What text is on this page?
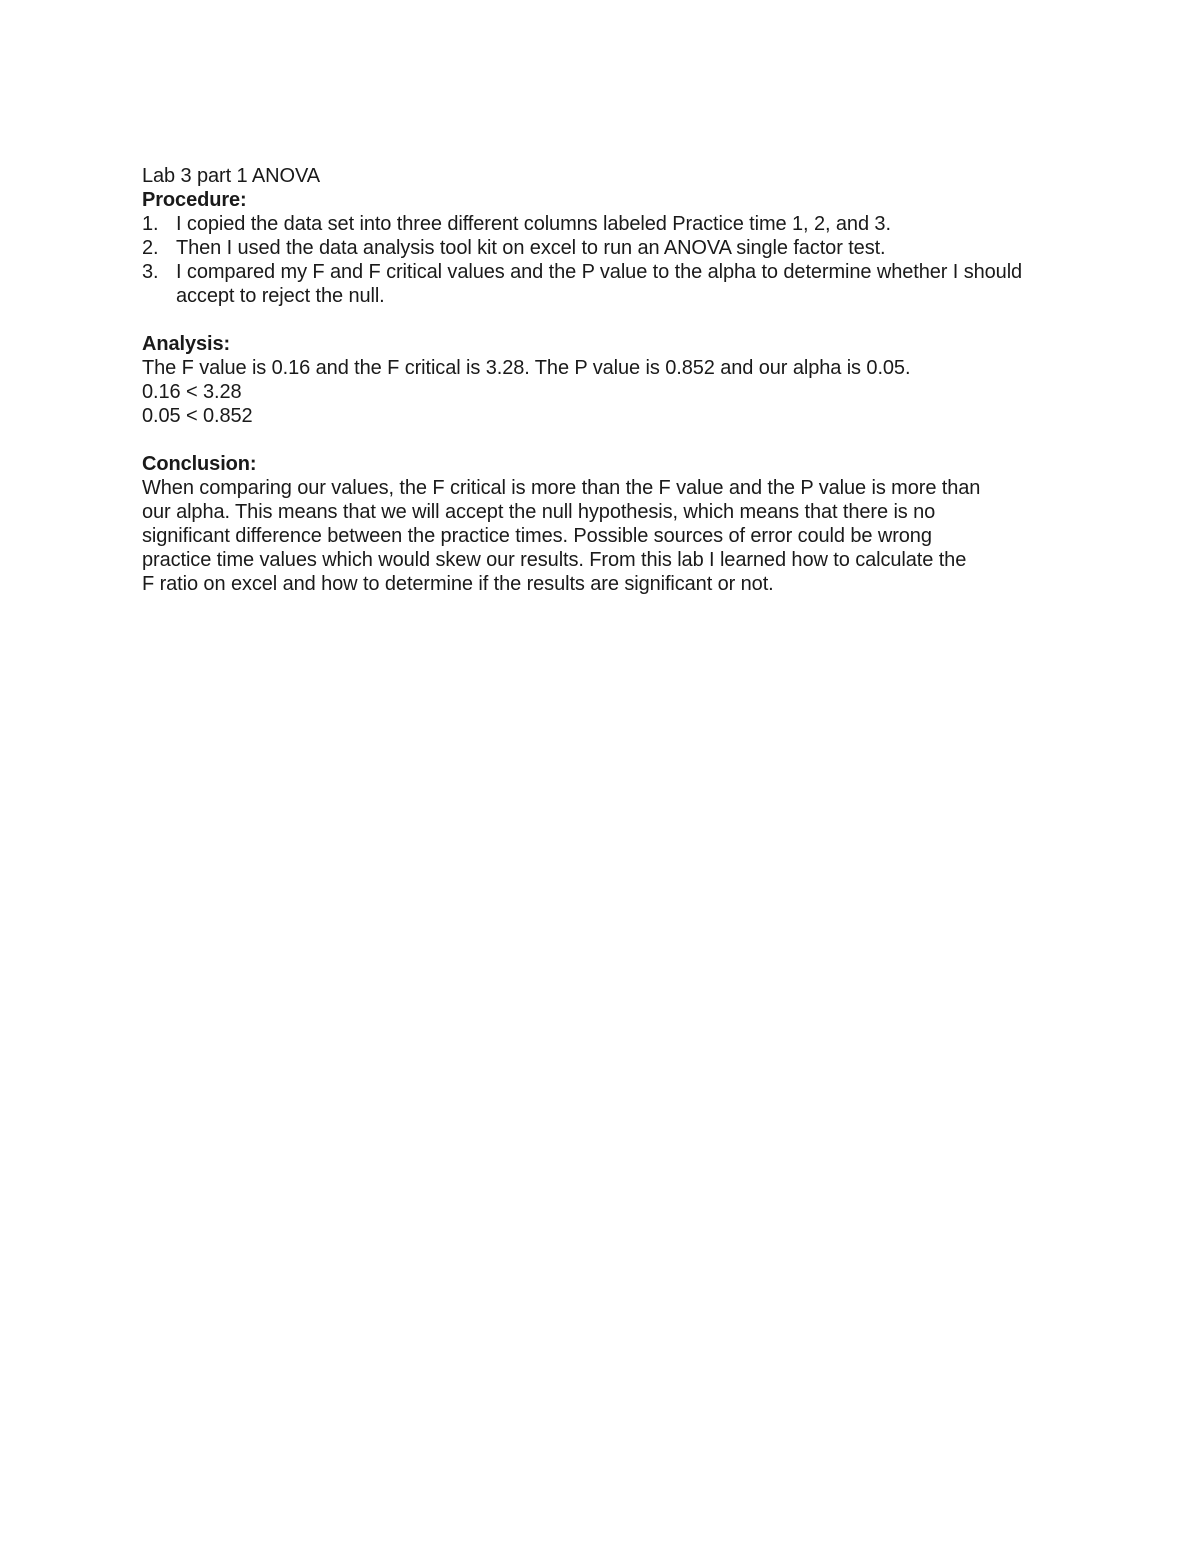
Lab 3 part 1 ANOVA

Procedure:

1. I copied the data set into three different columns labeled Practice time 1, 2, and 3.
2. Then I used the data analysis tool kit on excel to run an ANOVA single factor test.
3. I compared my F and F critical values and the P value to the alpha to determine whether I should accept to reject the null.

Analysis:

The F value is 0.16 and the F critical is 3.28. The P value is 0.852 and our alpha is 0.05.

0.16 < 3.28

0.05 < 0.852

Conclusion:

When comparing our values, the F critical is more than the F value and the P value is more than

our alpha. This means that we will accept the null hypothesis, which means that there is no

significant difference between the practice times. Possible sources of error could be wrong

practice time values which would skew our results. From this lab I learned how to calculate the

F ratio on excel and how to determine if the results are significant or not.
